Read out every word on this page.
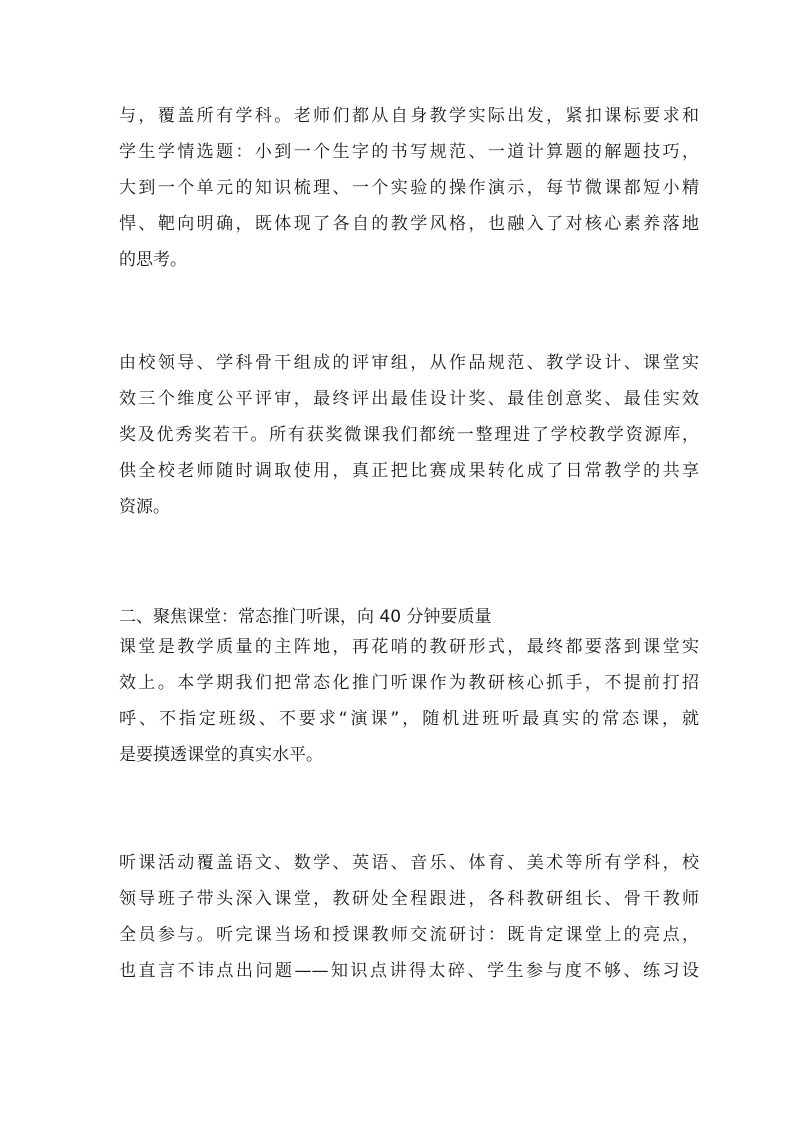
与，覆盖所有学科。老师们都从自身教学实际出发，紧扣课标要求和
学生学情选题：小到一个生字的书写规范、一道计算题的解题技巧，
大到一个单元的知识梳理、一个实验的操作演示，每节微课都短小精
悍、靶向明确，既体现了各自的教学风格，也融入了对核心素养落地
的思考。
由校领导、学科骨干组成的评审组，从作品规范、教学设计、课堂实
效三个维度公平评审，最终评出最佳设计奖、最佳创意奖、最佳实效
奖及优秀奖若干。所有获奖微课我们都统一整理进了学校教学资源库，
供全校老师随时调取使用，真正把比赛成果转化成了日常教学的共享
资源。
二、聚焦课堂：常态推门听课，向 40 分钟要质量
课堂是教学质量的主阵地，再花哨的教研形式，最终都要落到课堂实
效上。本学期我们把常态化推门听课作为教研核心抓手，不提前打招
呼、不指定班级、不要求“演课”，随机进班听最真实的常态课，就
是要摸透课堂的真实水平。
听课活动覆盖语文、数学、英语、音乐、体育、美术等所有学科，校
领导班子带头深入课堂，教研处全程跟进，各科教研组长、骨干教师
全员参与。听完课当场和授课教师交流研讨：既肯定课堂上的亮点，
也直言不讳点出问题——知识点讲得太碎、学生参与度不够、练习设
